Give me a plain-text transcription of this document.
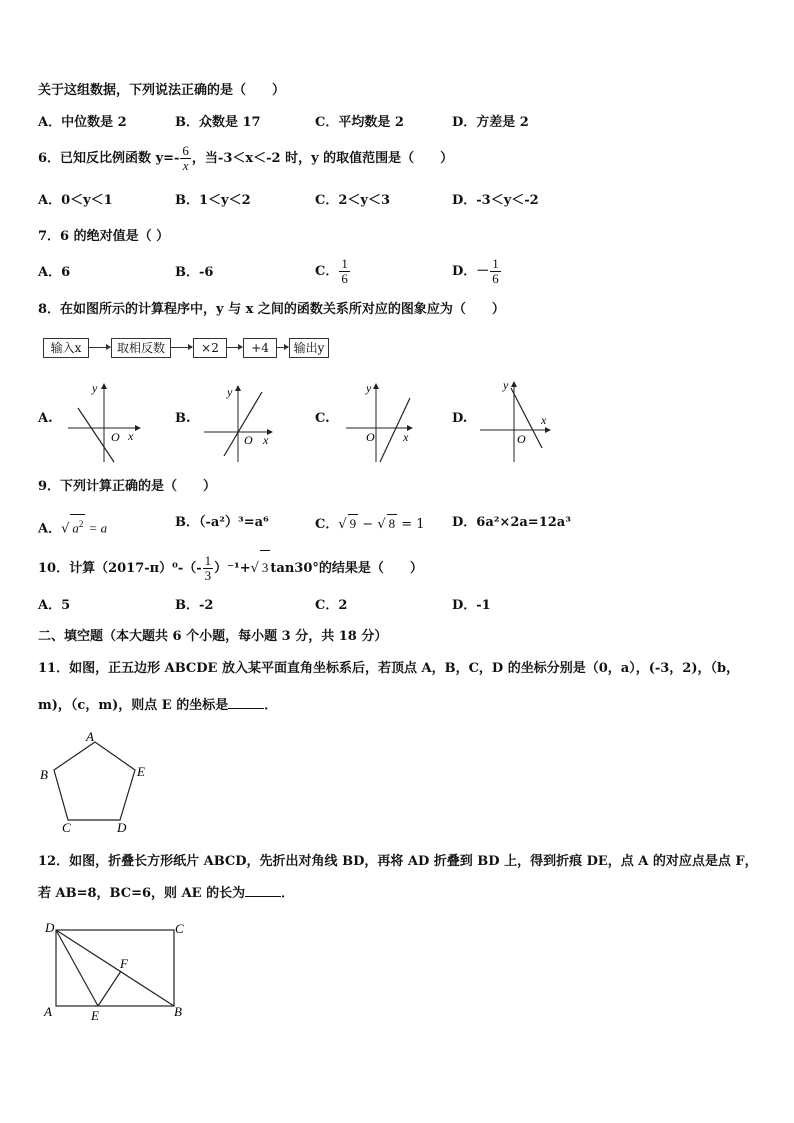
关于这组数据，下列说法正确的是（　　）
A．中位数是 2	B．众数是 17	C．平均数是 2	D．方差是 2
6．已知反比例函数 $y=- \frac{6}{x}$ ，当-3＜x＜-2 时，y 的取值范围是（　　）
A．0＜y＜1	B．1＜y＜2	C．2＜y＜3	D．-3＜y＜-2
7．6 的绝对值是（ ）
A．6	B．-6	C． $\frac{1}{6}$	D．－ $\frac{1}{6}$
8．在如图所示的计算程序中，y 与 x 之间的函数关系所对应的图象应为（　　）
输入x	取相反数	×2	+4	输出y
A.	B.	C.	D.
y
x
O
y
x
O
y
x
O
y
x
O
A
B
C	D
E
D	C
F
A	E	B
9．下列计算正确的是（　　）
A．√ $a^2 = a$	B．（-a²）³=a⁶	C．√ 9 − √ 8 = 1 D．6a²×2a=12a³
10．计算$(2017-\pi)^0-(- \frac{1}{3} )^{-1}+√$ 3 tan30°的结果是（　　）
A．5	B．-2	C．2	D．-1
二、填空题（本大题共 6 个小题，每小题 3 分，共 18 分）
11．如图，正五边形 ABCDE 放入某平面直角坐标系后，若顶点 A，B，C，D 的坐标分别是（0，a），(-3，2)，（b，
m)，（c，m)，则点 E 的坐标是	．
12．如图，折叠长方形纸片 ABCD，先折出对角线 BD，再将 AD 折叠到 BD 上，得到折痕 DE，点 A 的对应点是点 F，
若 AB=8，BC=6，则 AE 的长为	．
